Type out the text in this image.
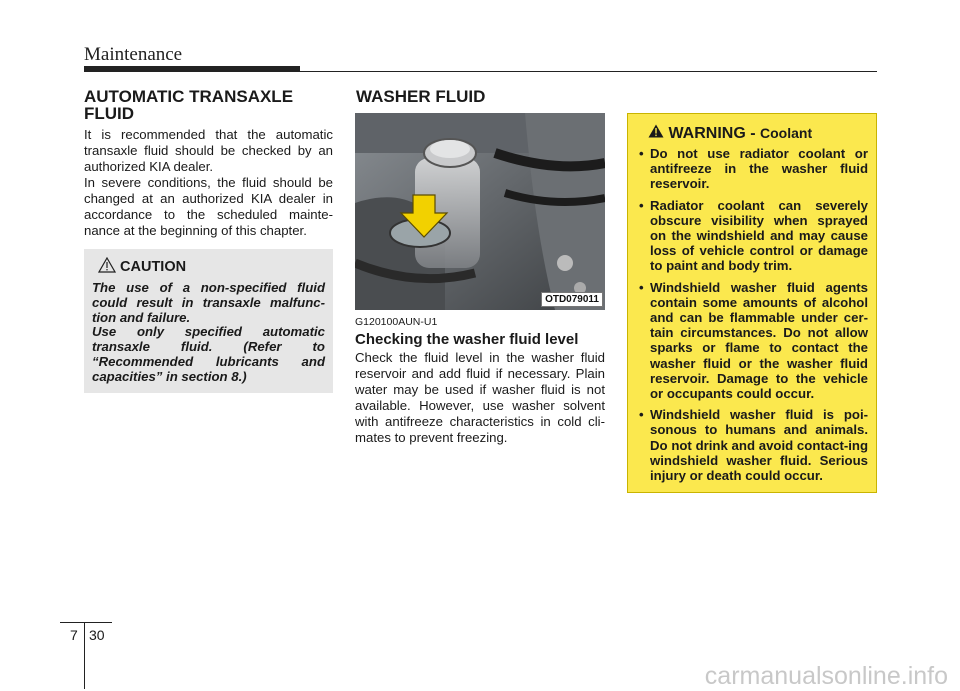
Maintenance
AUTOMATIC TRANSAXLE
FLUID

It is recommended that the automatic transaxle fluid should be checked by an authorized KIA dealer.

In severe conditions, the fluid should be changed at an authorized KIA dealer in accordance to the scheduled mainte-nance at the beginning of this chapter.

CAUTION

The use of a non-specified fluid could result in transaxle malfunc-tion and failure.

Use only specified automatic transaxle fluid. (Refer to “Recommended lubricants and capacities” in section 8.)

WASHER FLUID
OTD079011
G120100AUN-U1
Checking the washer fluid level

Check the fluid level in the washer fluid reservoir and add fluid if necessary. Plain water may be used if washer fluid is not available. However, use washer solvent with antifreeze characteristics in cold cli-mates to prevent freezing.

WARNING - Coolant
• Do not use radiator coolant or antifreeze in the washer fluid reservoir.
• Radiator coolant can severely obscure visibility when sprayed on the windshield and may cause loss of vehicle control or damage to paint and body trim.
• Windshield washer fluid agents contain some amounts of alcohol and can be flammable under cer-tain circumstances. Do not allow sparks or flame to contact the washer fluid or the washer fluid reservoir. Damage to the vehicle or occupants could occur.
• Windshield washer fluid is poi-sonous to humans and animals. Do not drink and avoid contact-ing windshield washer fluid. Serious injury or death could occur.
7 30
carmanualsonline.info
